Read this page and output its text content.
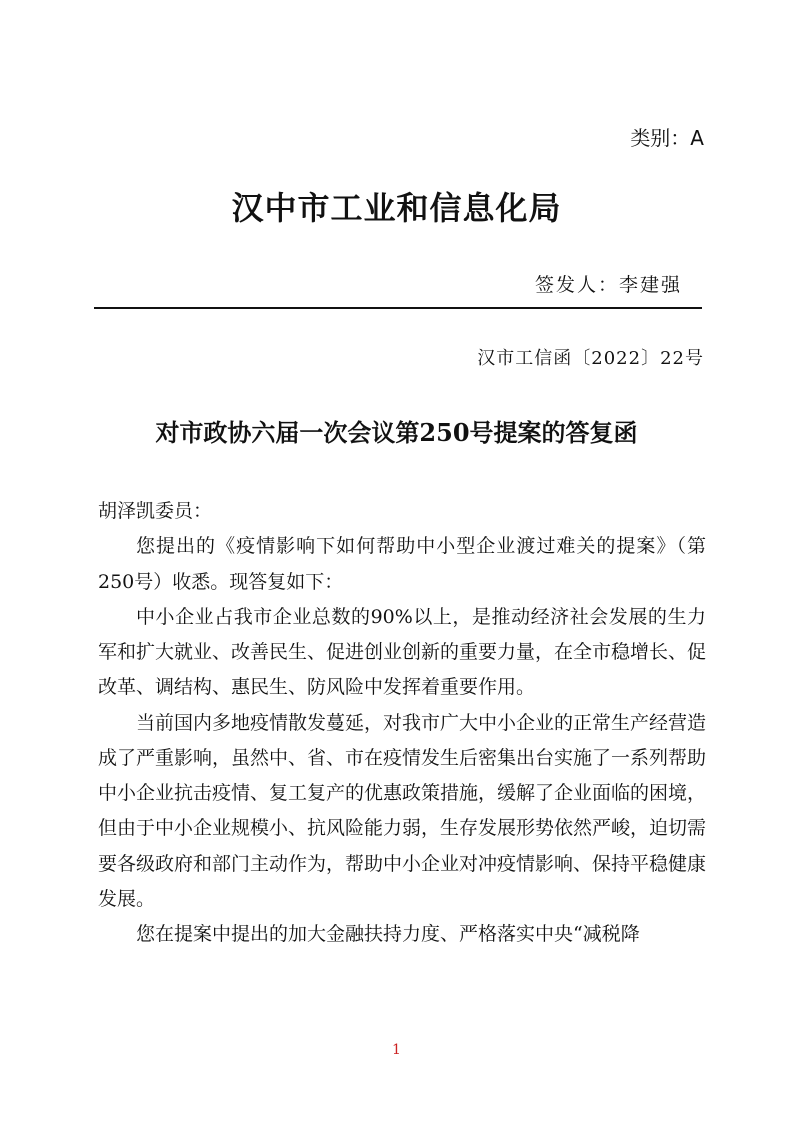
类别：A
汉中市工业和信息化局
签发人：李建强
汉市工信函〔2022〕22号
对市政协六届一次会议第250号提案的答复函

胡泽凯委员：

您提出的《疫情影响下如何帮助中小型企业渡过难关的提案》（第250号）收悉。现答复如下：

中小企业占我市企业总数的90%以上，是推动经济社会发展的生力军和扩大就业、改善民生、促进创业创新的重要力量，在全市稳增长、促改革、调结构、惠民生、防风险中发挥着重要作用。

当前国内多地疫情散发蔓延，对我市广大中小企业的正常生产经营造成了严重影响，虽然中、省、市在疫情发生后密集出台实施了一系列帮助中小企业抗击疫情、复工复产的优惠政策措施，缓解了企业面临的困境，但由于中小企业规模小、抗风险能力弱，生存发展形势依然严峻，迫切需要各级政府和部门主动作为，帮助中小企业对冲疫情影响、保持平稳健康发展。

您在提案中提出的加大金融扶持力度、严格落实中央“减税降

1
